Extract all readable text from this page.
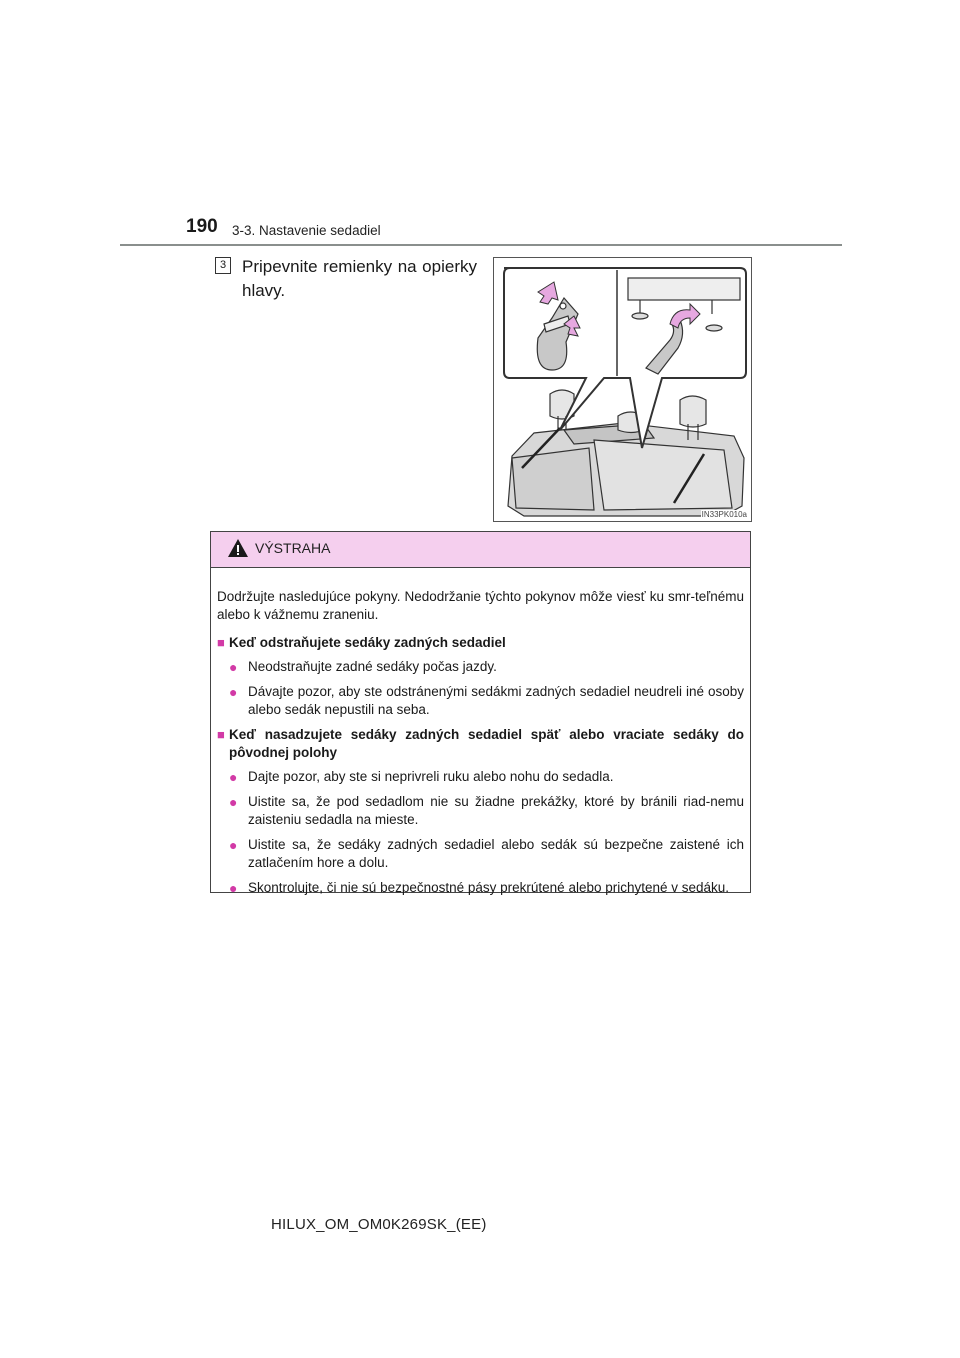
190 3-3. Nastavenie sedadiel
3 Pripevnite remienky na opierky hlavy.
IN33PK010a
VÝSTRAHA

Dodržujte nasledujúce pokyny. Nedodržanie týchto pokynov môže viesť ku smr-teľnému alebo k vážnemu zraneniu.

■ Keď odstraňujete sedáky zadných sedadiel

● Neodstraňujte zadné sedáky počas jazdy.

● Dávajte pozor, aby ste odstránenými sedákmi zadných sedadiel neudreli iné osoby alebo sedák nepustili na seba.

■ Keď nasadzujete sedáky zadných sedadiel späť alebo vraciate sedáky do pôvodnej polohy

● Dajte pozor, aby ste si neprivreli ruku alebo nohu do sedadla.

● Uistite sa, že pod sedadlom nie su žiadne prekážky, ktoré by bránili riad-nemu zaisteniu sedadla na mieste.

● Uistite sa, že sedáky zadných sedadiel alebo sedák sú bezpečne zaistené ich zatlačením hore a dolu.

● Skontrolujte, či nie sú bezpečnostné pásy prekrútené alebo prichytené v sedáku.

HILUX_OM_OM0K269SK_(EE)
